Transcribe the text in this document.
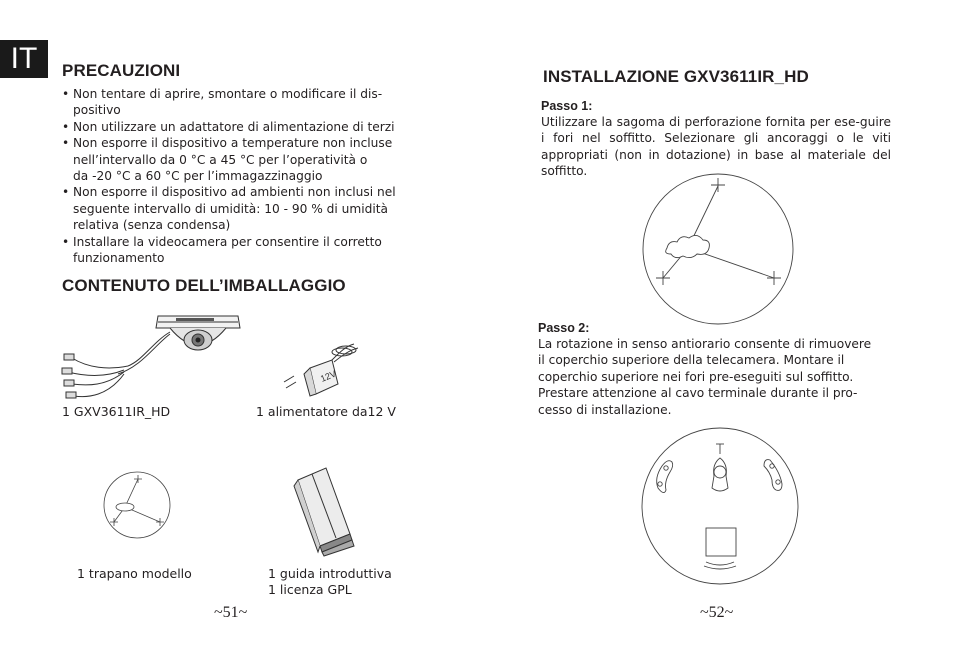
IT	PRECAUZIONI
• Non tentare di aprire, smontare o modificare il dis-
positivo
• Non utilizzare un adattatore di alimentazione di terzi
• Non esporre il dispositivo a temperature non incluse
nell’intervallo da 0 °C a 45 °C per l’operatività o
da -20 °C a 60 °C per l’immagazzinaggio
• Non esporre il dispositivo ad ambienti non inclusi nel
seguente intervallo di umidità: 10 - 90 % di umidità
relativa (senza condensa)
• Installare la videocamera per consentire il corretto
funzionamento
CONTENUTO DELL’IMBALLAGGIO
1 GXV3611IR_HD
12V
1 alimentatore da12 V
1 trapano modello	1 guida introduttiva
1 licenza GPL
~51~
INSTALLAZIONE GXV3611IR_HD
Passo 1:

Utilizzare la sagoma di perforazione fornita per ese-guire i fori nel soffitto. Selezionare gli ancoraggi o le viti appropriati (non in dotazione) in base al materiale del soffitto.

Passo 2:

La rotazione in senso antiorario consente di rimuovere
il coperchio superiore della telecamera. Montare il
coperchio superiore nei fori pre-eseguiti sul soffitto.
Prestare attenzione al cavo terminale durante il pro-
cesso di installazione.

~52~
